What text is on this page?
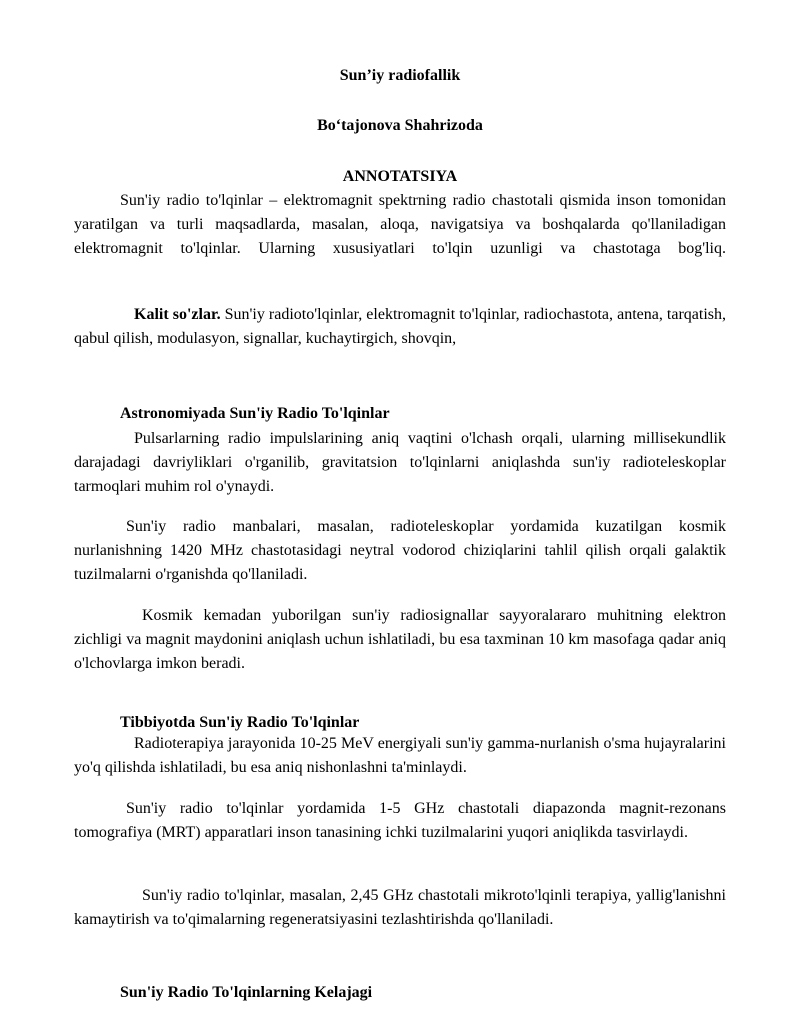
Sun’iy radiofallik

Bo‘tajonova Shahrizoda

ANNOTATSIYA

Sun'iy radio to'lqinlar – elektromagnit spektrning radio chastotali qismida inson tomonidan yaratilgan va turli maqsadlarda, masalan, aloqa, navigatsiya va boshqalarda qo'llaniladigan elektromagnit to'lqinlar. Ularning xususiyatlari to'lqin uzunligi va chastotaga bog'liq.

Kalit so'zlar. Sun'iy radioto'lqinlar, elektromagnit to'lqinlar, radiochastota, antena, tarqatish, qabul qilish, modulasyon, signallar, kuchaytirgich, shovqin,

Astronomiyada Sun'iy Radio To'lqinlar

Pulsarlarning radio impulslarining aniq vaqtini o'lchash orqali, ularning millisekundlik darajadagi davriyliklari o'rganilib, gravitatsion to'lqinlarni aniqlashda sun'iy radioteleskoplar tarmoqlari muhim rol o'ynaydi.

Sun'iy radio manbalari, masalan, radioteleskoplar yordamida kuzatilgan kosmik nurlanishning 1420 MHz chastotasidagi neytral vodorod chiziqlarini tahlil qilish orqali galaktik tuzilmalarni o'rganishda qo'llaniladi.

Kosmik kemadan yuborilgan sun'iy radiosignallar sayyoralararo muhitning elektron zichligi va magnit maydonini aniqlash uchun ishlatiladi, bu esa taxminan 10 km masofaga qadar aniq o'lchovlarga imkon beradi.

Tibbiyotda Sun'iy Radio To'lqinlar

Radioterapiya jarayonida 10-25 MeV energiyali sun'iy gamma-nurlanish o'sma hujayralarini yo'q qilishda ishlatiladi, bu esa aniq nishonlashni ta'minlaydi.

Sun'iy radio to'lqinlar yordamida 1-5 GHz chastotali diapazonda magnit-rezonans tomografiya (MRT) apparatlari inson tanasining ichki tuzilmalarini yuqori aniqlikda tasvirlaydi.

Sun'iy radio to'lqinlar, masalan, 2,45 GHz chastotali mikroto'lqinli terapiya, yallig'lanishni kamaytirish va to'qimalarning regeneratsiyasini tezlashtirishda qo'llaniladi.

Sun'iy Radio To'lqinlarning Kelajagi
